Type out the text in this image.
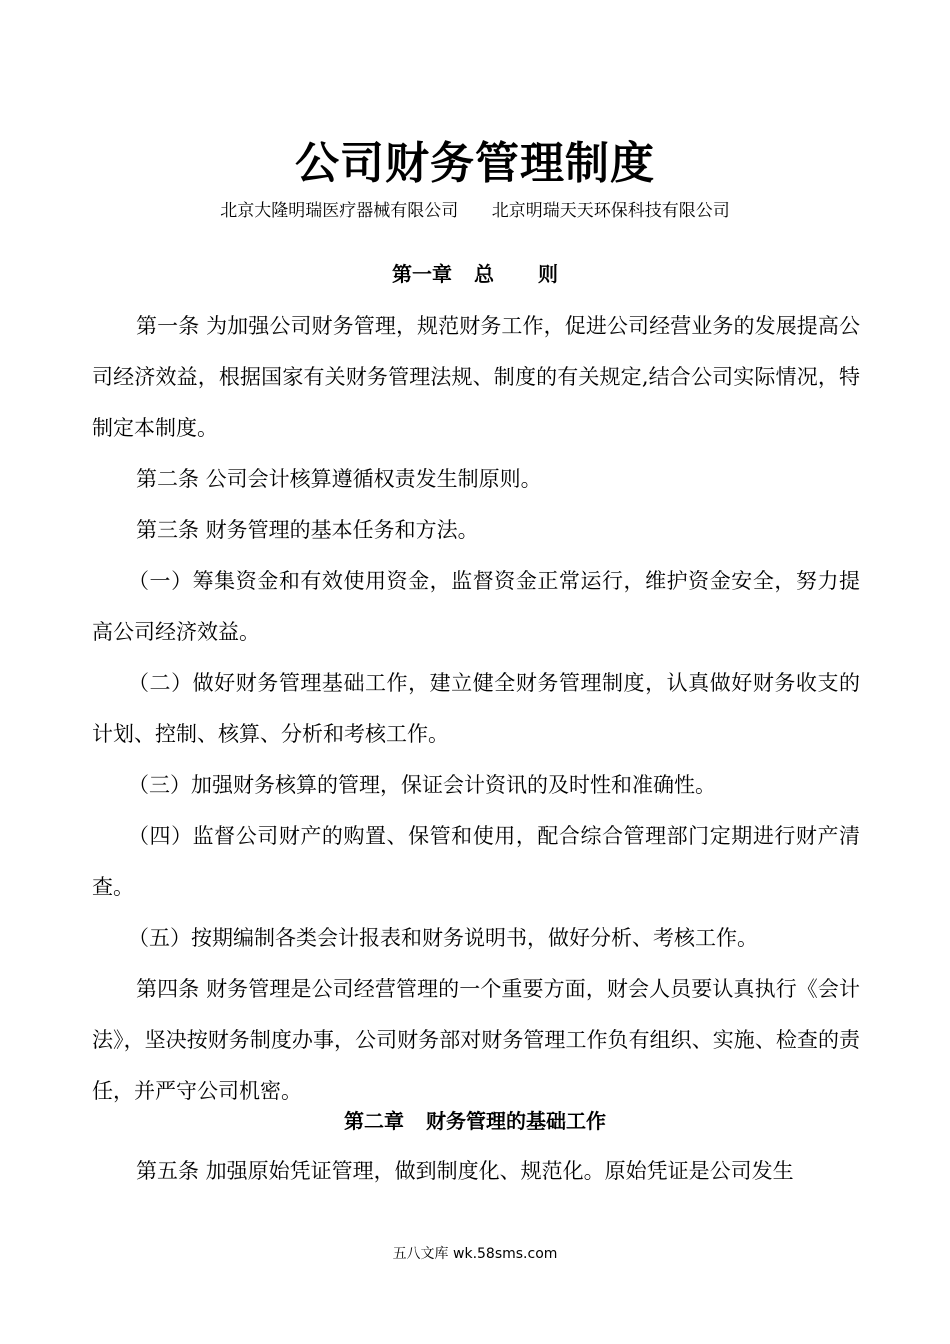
公司财务管理制度
北京大隆明瑞医疗器械有限公司 北京明瑞天天环保科技有限公司
第一章 总 则

第一条 为加强公司财务管理，规范财务工作，促进公司经营业务的发展提高公司经济效益，根据国家有关财务管理法规、制度的有关规定,结合公司实际情况，特制定本制度。

第二条 公司会计核算遵循权责发生制原则。

第三条 财务管理的基本任务和方法。

（一）筹集资金和有效使用资金，监督资金正常运行，维护资金安全，努力提高公司经济效益。

（二）做好财务管理基础工作，建立健全财务管理制度，认真做好财务收支的计划、控制、核算、分析和考核工作。

（三）加强财务核算的管理，保证会计资讯的及时性和准确性。

（四）监督公司财产的购置、保管和使用，配合综合管理部门定期进行财产清查。

（五）按期编制各类会计报表和财务说明书，做好分析、考核工作。

第四条 财务管理是公司经营管理的一个重要方面，财会人员要认真执行《会计法》，坚决按财务制度办事，公司财务部对财务管理工作负有组织、实施、检查的责任，并严守公司机密。

第二章 财务管理的基础工作

第五条 加强原始凭证管理，做到制度化、规范化。原始凭证是公司发生

五八文库 wk.58sms.com
